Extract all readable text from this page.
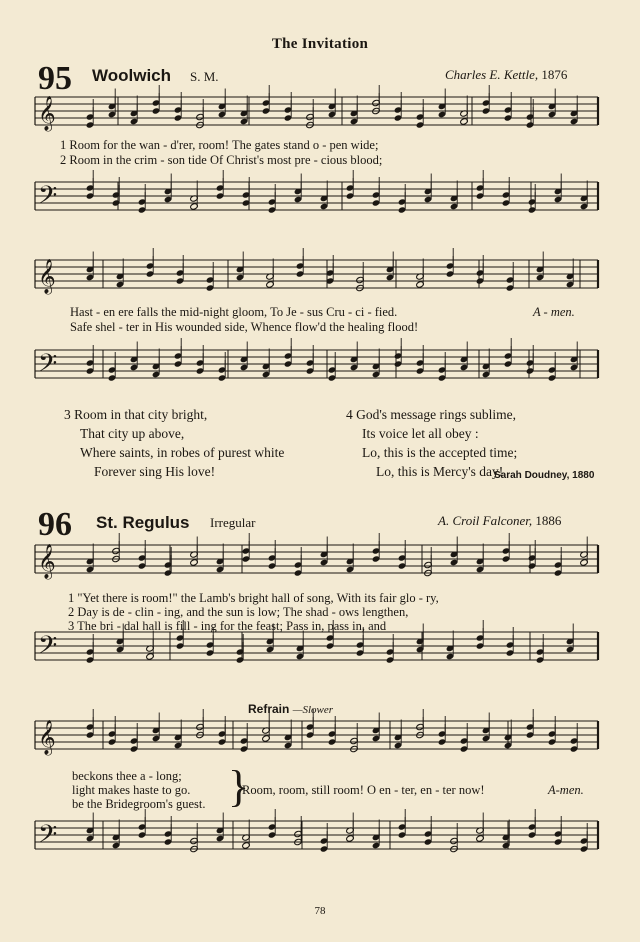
The Invitation
95 Woolwich S. M.	Charles E. Kettle, 1876
𝄞
𝄢
𝄞
𝄢
𝄞
𝄢
𝄞
𝄢
1 Room for the wan - d'rer, room! The gates stand o - pen wide;
2 Room in the crim - son tide Of Christ's most pre - cious blood;
Hast - en ere falls the mid-night gloom, To Je - sus Cru - ci - fied.
Safe shel - ter in His wounded side, Whence flow'd the healing flood!
A - men.
3 Room in that city bright,
That city up above,
Where saints, in robes of purest white
Forever sing His love!
4 God's message rings sublime,
Its voice let all obey :
Lo, this is the accepted time;
Lo, this is Mercy's day!
Sarah Doudney, 1880
96 St. Regulus Irregular	A. Croil Falconer, 1886
1 "Yet there is room!" the Lamb's bright hall of song, With its fair glo - ry,
2 Day is de - clin - ing, and the sun is low; The shad - ows lengthen,
3 The bri - dal hall is fill - ing for the feast; Pass in, pass in, and
Refrain —Slower
beckons thee a - long;
light makes haste to go.
be the Bridegroom's guest. }
Room, room, still room! O en - ter, en - ter now!	A-men.
78
